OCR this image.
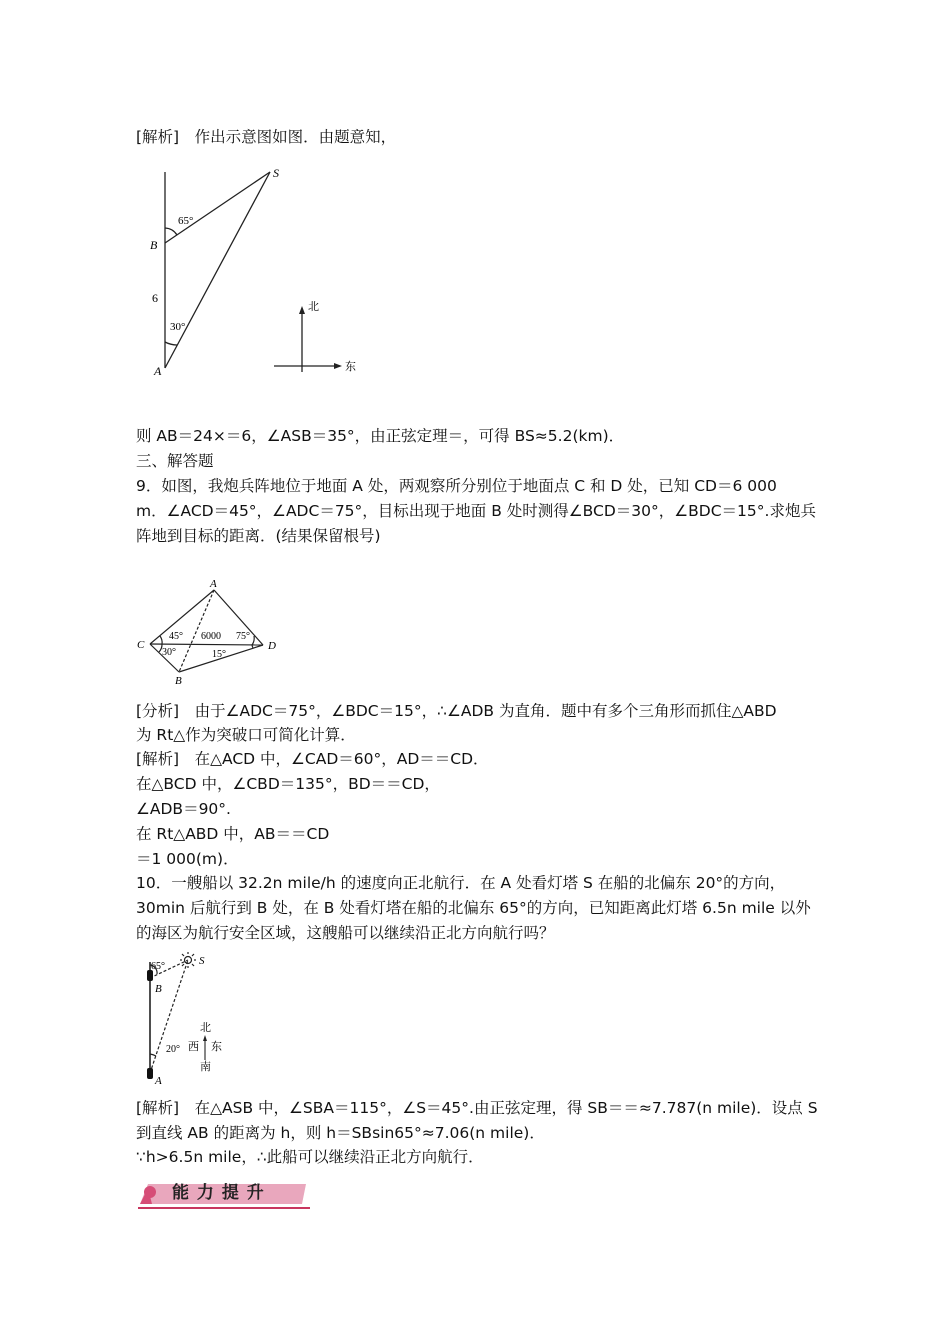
[解析]　作出示意图如图．由题意知，
S
B
A
65°
30°
6
北
东
则 AB＝24×＝6，∠ASB＝35°，由正弦定理＝，可得 BS≈5.2(km)．
三、解答题
9．如图，我炮兵阵地位于地面 A 处，两观察所分别位于地面点 C 和 D 处，已知 CD＝6 000
m．∠ACD＝45°，∠ADC＝75°，目标出现于地面 B 处时测得∠BCD＝30°，∠BDC＝15°.求炮兵
阵地到目标的距离．(结果保留根号)
A
C	D
B
45° 6000 75°
30°	15°
[分析]　由于∠ADC＝75°，∠BDC＝15°，∴∠ADB 为直角．题中有多个三角形而抓住△ABD
为 Rt△作为突破口可简化计算．
[解析]　在△ACD 中，∠CAD＝60°，AD＝＝CD．
在△BCD 中，∠CBD＝135°，BD＝＝CD，
∠ADB＝90°.
在 Rt△ABD 中，AB＝＝CD
＝1 000(m)．
10．一艘船以 32.2n mile/h 的速度向正北航行．在 A 处看灯塔 S 在船的北偏东 20°的方向，
30min 后航行到 B 处，在 B 处看灯塔在船的北偏东 65°的方向，已知距离此灯塔 6.5n mile 以外
的海区为航行安全区域，这艘船可以继续沿正北方向航行吗？
65°	S
B
A
20°
北
西 东
南
[解析]　在△ASB 中，∠SBA＝115°，∠S＝45°.由正弦定理，得 SB＝＝≈7.787(n mile)．设点 S
到直线 AB 的距离为 h，则 h＝SBsin65°≈7.06(n mile)．
∵h>6.5n mile，∴此船可以继续沿正北方向航行．
能 力 提 升
